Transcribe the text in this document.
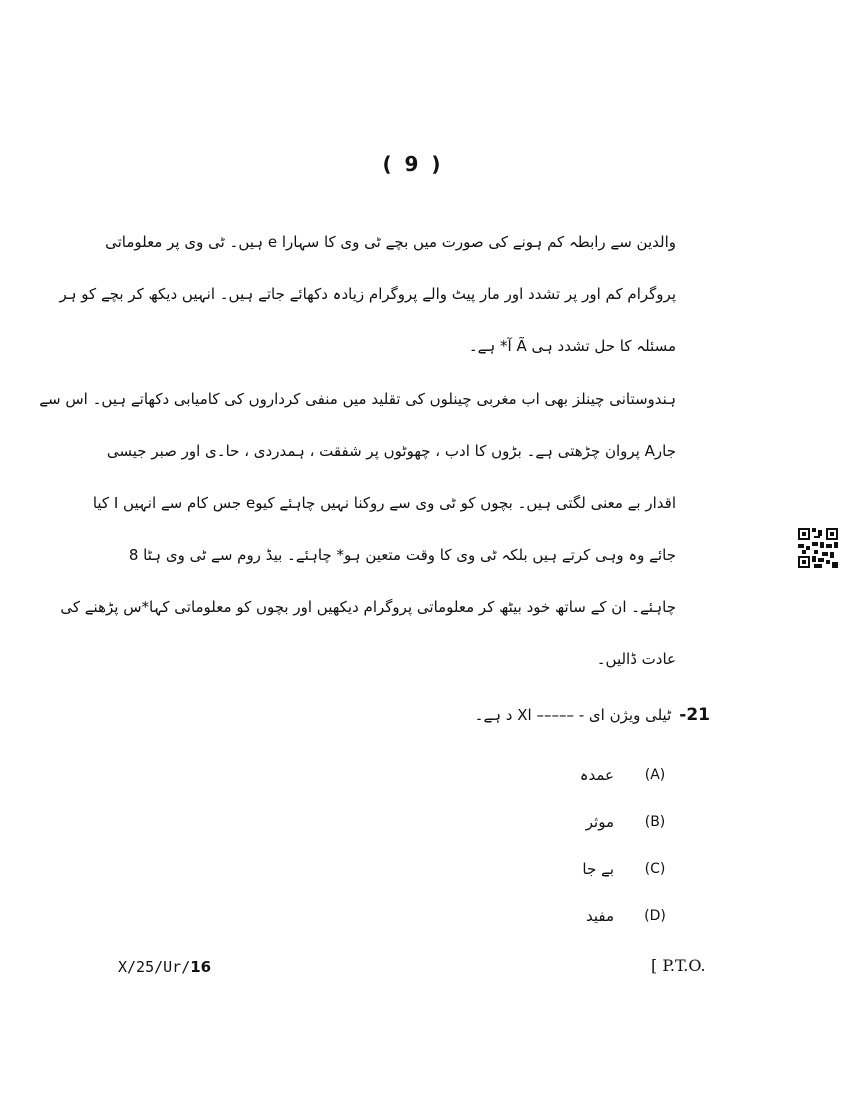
( 9 )
والدین سے رابطہ کم ہونے کی صورت میں بچے ٹی وی کا سہارا e ہیں۔ ٹی وی پر معلوماتی
پروگرام کم اور پر تشدد اور مار پیٹ والے پروگرام زیادہ دکھائے جاتے ہیں۔ انہیں دیکھ کر بچے کو ہر
مسئلہ کا حل تشدد ہی Ã آ* ہے۔
ہندوستانی چینلز بھی اب مغربی چینلوں کی تقلید میں منفی کرداروں کی کامیابی دکھاتے ہیں۔ اس سے
جارA پروان چڑھتی ہے۔ بڑوں کا ادب ، چھوٹوں پر شفقت ، ہمدردی ، حا۔ی اور صبر جیسی
اقدار بے معنی لگتی ہیں۔ بچوں کو ٹی وی سے روکنا نہیں چاہئے کیوe جس کام سے انہیں I کیا
جائے وہ وہی کرتے ہیں بلکہ ٹی وی کا وقت متعین ہو* چاہئے۔ بیڈ روم سے ٹی وی ہٹا 8
چاہئے۔ ان کے ساتھ خود بیٹھ کر معلوماتی پروگرام دیکھیں اور بچوں کو معلوماتی کہا*س پڑھنے کی
عادت ڈالیں۔
21-ٹیلی ویژن ای - ––––– اX د ہے۔
(A)
عمدہ
(B)
موثر
(C)
بے جا
(D)
مفید
X/25/Ur/16	[ P.T.O.
